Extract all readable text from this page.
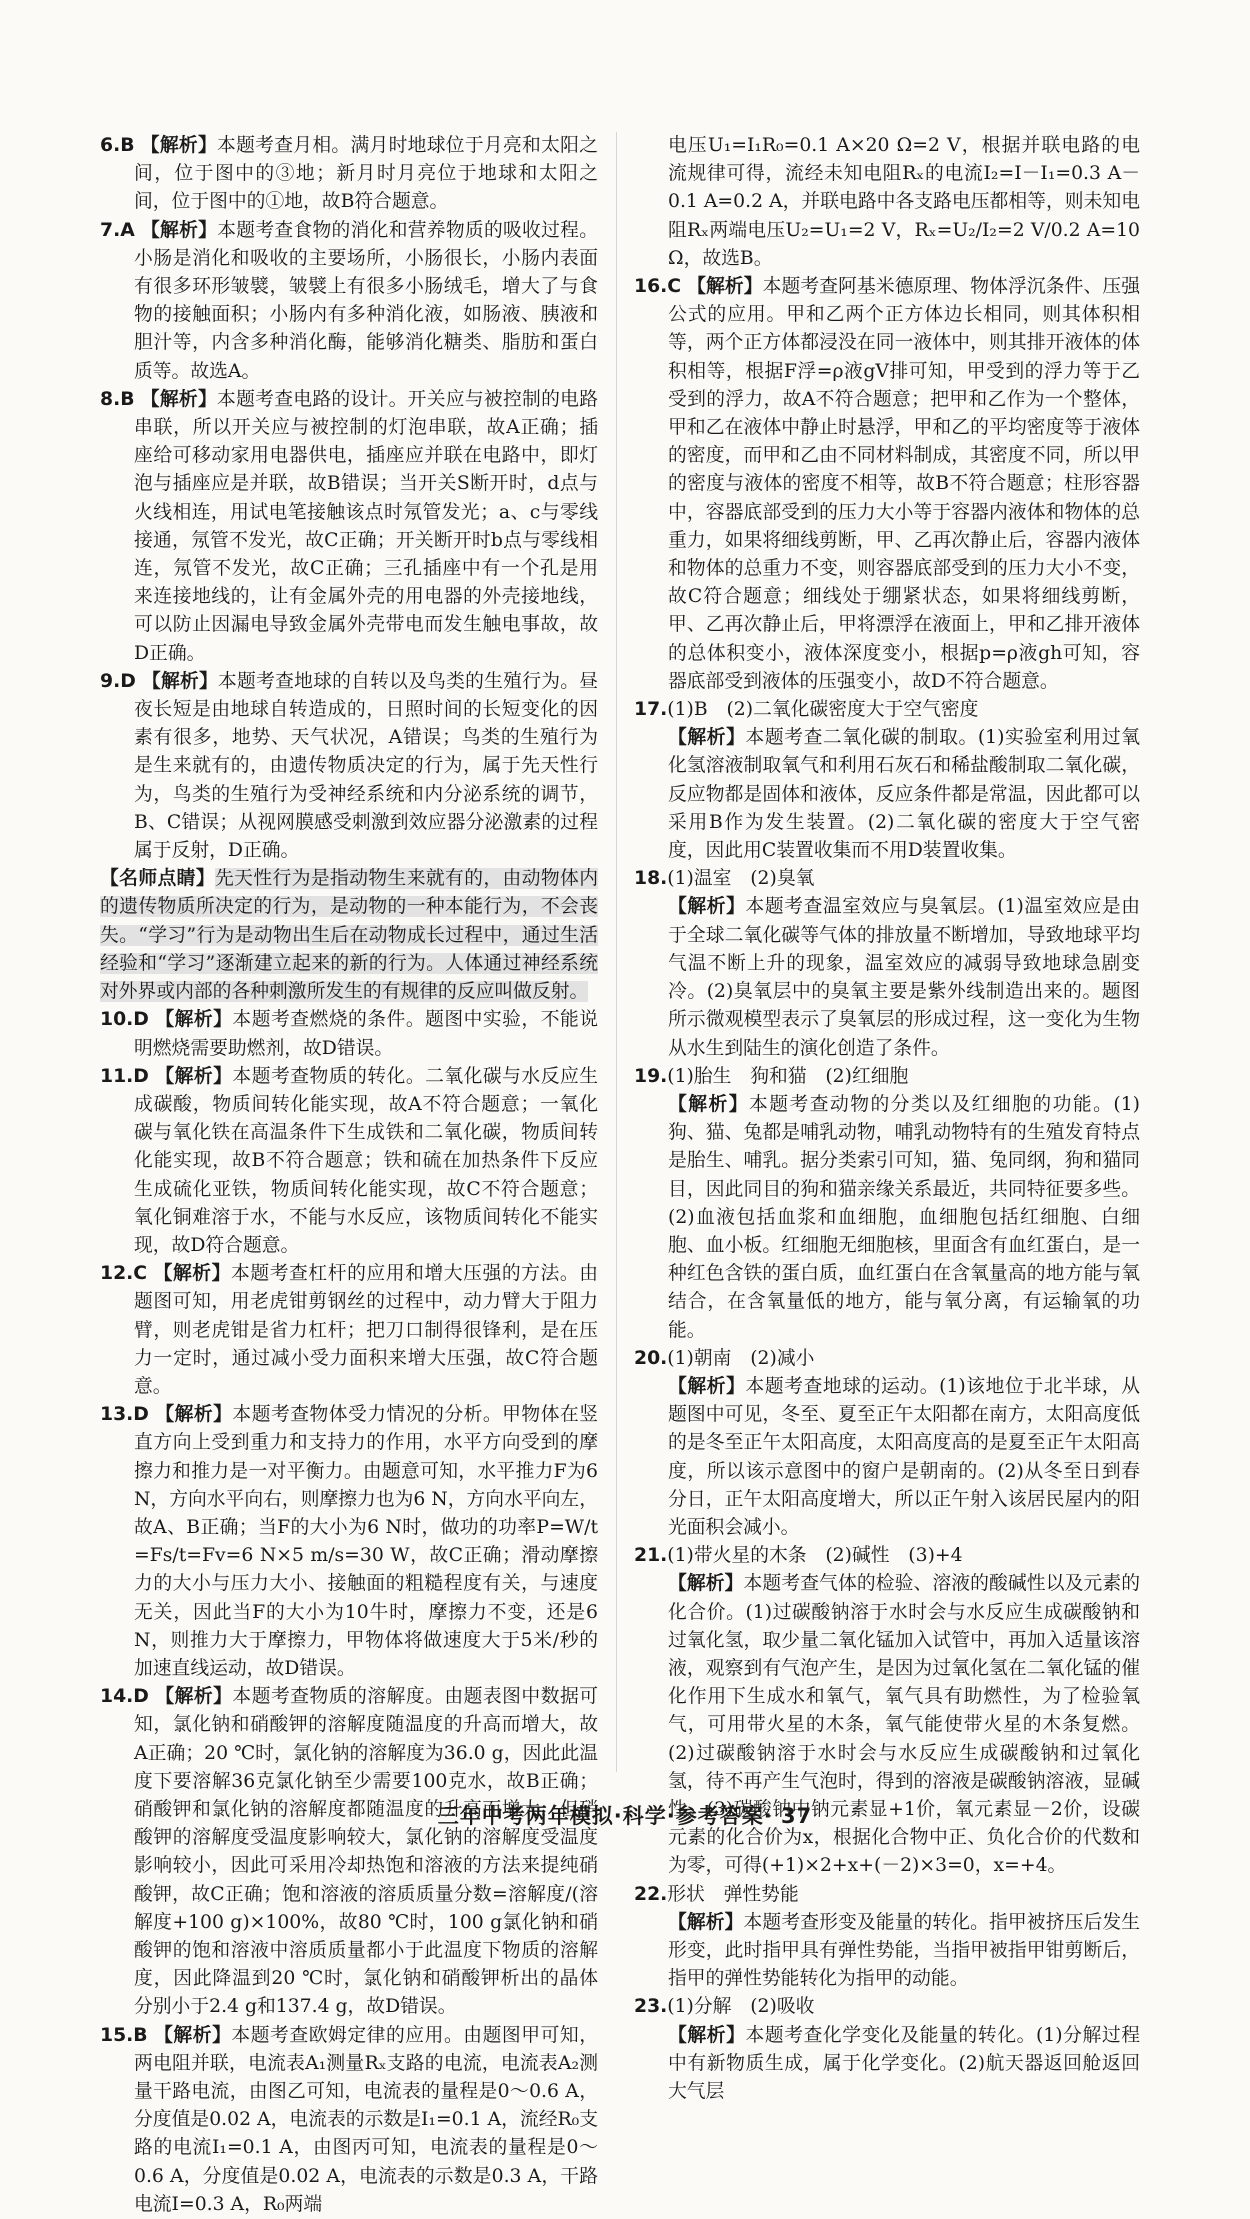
6.B 【解析】本题考查月相。满月时地球位于月亮和太阳之间，位于图中的③地；新月时月亮位于地球和太阳之间，位于图中的①地，故B符合题意。

7.A 【解析】本题考查食物的消化和营养物质的吸收过程。小肠是消化和吸收的主要场所，小肠很长，小肠内表面有很多环形皱襞，皱襞上有很多小肠绒毛，增大了与食物的接触面积；小肠内有多种消化液，如肠液、胰液和胆汁等，内含多种消化酶，能够消化糖类、脂肪和蛋白质等。故选A。

8.B 【解析】本题考查电路的设计。开关应与被控制的电路串联，所以开关应与被控制的灯泡串联，故A正确；插座给可移动家用电器供电，插座应并联在电路中，即灯泡与插座应是并联，故B错误；当开关S断开时，d点与火线相连，用试电笔接触该点时氖管发光；a、c与零线接通，氖管不发光，故C正确；开关断开时b点与零线相连，氖管不发光，故C正确；三孔插座中有一个孔是用来连接地线的，让有金属外壳的用电器的外壳接地线，可以防止因漏电导致金属外壳带电而发生触电事故，故D正确。

9.D 【解析】本题考查地球的自转以及鸟类的生殖行为。昼夜长短是由地球自转造成的，日照时间的长短变化的因素有很多，地势、天气状况，A错误；鸟类的生殖行为是生来就有的，由遗传物质决定的行为，属于先天性行为，鸟类的生殖行为受神经系统和内分泌系统的调节，B、C错误；从视网膜感受刺激到效应器分泌激素的过程属于反射，D正确。

【名师点睛】先天性行为是指动物生来就有的，由动物体内的遗传物质所决定的行为，是动物的一种本能行为，不会丧失。“学习”行为是动物出生后在动物成长过程中，通过生活经验和“学习”逐渐建立起来的新的行为。人体通过神经系统对外界或内部的各种刺激所发生的有规律的反应叫做反射。

10.D 【解析】本题考查燃烧的条件。题图中实验，不能说明燃烧需要助燃剂，故D错误。

11.D 【解析】本题考查物质的转化。二氧化碳与水反应生成碳酸，物质间转化能实现，故A不符合题意；一氧化碳与氧化铁在高温条件下生成铁和二氧化碳，物质间转化能实现，故B不符合题意；铁和硫在加热条件下反应生成硫化亚铁，物质间转化能实现，故C不符合题意；氧化铜难溶于水，不能与水反应，该物质间转化不能实现，故D符合题意。

12.C 【解析】本题考查杠杆的应用和增大压强的方法。由题图可知，用老虎钳剪钢丝的过程中，动力臂大于阻力臂，则老虎钳是省力杠杆；把刀口制得很锋利，是在压力一定时，通过减小受力面积来增大压强，故C符合题意。

13.D 【解析】本题考查物体受力情况的分析。甲物体在竖直方向上受到重力和支持力的作用，水平方向受到的摩擦力和推力是一对平衡力。由题意可知，水平推力F为6 N，方向水平向右，则摩擦力也为6 N，方向水平向左，故A、B正确；当F的大小为6 N时，做功的功率P=W/t=Fs/t=Fv=6 N×5 m/s=30 W，故C正确；滑动摩擦力的大小与压力大小、接触面的粗糙程度有关，与速度无关，因此当F的大小为10牛时，摩擦力不变，还是6 N，则推力大于摩擦力，甲物体将做速度大于5米/秒的加速直线运动，故D错误。

14.D 【解析】本题考查物质的溶解度。由题表图中数据可知，氯化钠和硝酸钾的溶解度随温度的升高而增大，故A正确；20 ℃时，氯化钠的溶解度为36.0 g，因此此温度下要溶解36克氯化钠至少需要100克水，故B正确；硝酸钾和氯化钠的溶解度都随温度的升高而增大，但硝酸钾的溶解度受温度影响较大，氯化钠的溶解度受温度影响较小，因此可采用冷却热饱和溶液的方法来提纯硝酸钾，故C正确；饱和溶液的溶质质量分数=溶解度/(溶解度+100 g)×100%，故80 ℃时，100 g氯化钠和硝酸钾的饱和溶液中溶质质量都小于此温度下物质的溶解度，因此降温到20 ℃时，氯化钠和硝酸钾析出的晶体分别小于2.4 g和137.4 g，故D错误。

15.B 【解析】本题考查欧姆定律的应用。由题图甲可知，两电阻并联，电流表A₁测量Rₓ支路的电流，电流表A₂测量干路电流，由图乙可知，电流表的量程是0～0.6 A，分度值是0.02 A，电流表的示数是I₁=0.1 A，流经R₀支路的电流I₁=0.1 A，由图丙可知，电流表的量程是0～0.6 A，分度值是0.02 A，电流表的示数是0.3 A，干路电流I=0.3 A，R₀两端

电压U₁=I₁R₀=0.1 A×20 Ω=2 V，根据并联电路的电流规律可得，流经未知电阻Rₓ的电流I₂=I－I₁=0.3 A－0.1 A=0.2 A，并联电路中各支路电压都相等，则未知电阻Rₓ两端电压U₂=U₁=2 V，Rₓ=U₂/I₂=2 V/0.2 A=10 Ω，故选B。

16.C 【解析】本题考查阿基米德原理、物体浮沉条件、压强公式的应用。甲和乙两个正方体边长相同，则其体积相等，两个正方体都浸没在同一液体中，则其排开液体的体积相等，根据F浮=ρ液gV排可知，甲受到的浮力等于乙受到的浮力，故A不符合题意；把甲和乙作为一个整体，甲和乙在液体中静止时悬浮，甲和乙的平均密度等于液体的密度，而甲和乙由不同材料制成，其密度不同，所以甲的密度与液体的密度不相等，故B不符合题意；柱形容器中，容器底部受到的压力大小等于容器内液体和物体的总重力，如果将细线剪断，甲、乙再次静止后，容器内液体和物体的总重力不变，则容器底部受到的压力大小不变，故C符合题意；细线处于绷紧状态，如果将细线剪断，甲、乙再次静止后，甲将漂浮在液面上，甲和乙排开液体的总体积变小，液体深度变小，根据p=ρ液gh可知，容器底部受到液体的压强变小，故D不符合题意。

17.(1)B　(2)二氧化碳密度大于空气密度

【解析】本题考查二氧化碳的制取。(1)实验室利用过氧化氢溶液制取氧气和利用石灰石和稀盐酸制取二氧化碳，反应物都是固体和液体，反应条件都是常温，因此都可以采用B作为发生装置。(2)二氧化碳的密度大于空气密度，因此用C装置收集而不用D装置收集。

18.(1)温室　(2)臭氧

【解析】本题考查温室效应与臭氧层。(1)温室效应是由于全球二氧化碳等气体的排放量不断增加，导致地球平均气温不断上升的现象，温室效应的减弱导致地球急剧变冷。(2)臭氧层中的臭氧主要是紫外线制造出来的。题图所示微观模型表示了臭氧层的形成过程，这一变化为生物从水生到陆生的演化创造了条件。

19.(1)胎生　狗和猫　(2)红细胞

【解析】本题考查动物的分类以及红细胞的功能。(1)狗、猫、兔都是哺乳动物，哺乳动物特有的生殖发育特点是胎生、哺乳。据分类索引可知，猫、兔同纲，狗和猫同目，因此同目的狗和猫亲缘关系最近，共同特征要多些。(2)血液包括血浆和血细胞，血细胞包括红细胞、白细胞、血小板。红细胞无细胞核，里面含有血红蛋白，是一种红色含铁的蛋白质，血红蛋白在含氧量高的地方能与氧结合，在含氧量低的地方，能与氧分离，有运输氧的功能。

20.(1)朝南　(2)减小

【解析】本题考查地球的运动。(1)该地位于北半球，从题图中可见，冬至、夏至正午太阳都在南方，太阳高度低的是冬至正午太阳高度，太阳高度高的是夏至正午太阳高度，所以该示意图中的窗户是朝南的。(2)从冬至日到春分日，正午太阳高度增大，所以正午射入该居民屋内的阳光面积会减小。

21.(1)带火星的木条　(2)碱性　(3)+4

【解析】本题考查气体的检验、溶液的酸碱性以及元素的化合价。(1)过碳酸钠溶于水时会与水反应生成碳酸钠和过氧化氢，取少量二氧化锰加入试管中，再加入适量该溶液，观察到有气泡产生，是因为过氧化氢在二氧化锰的催化作用下生成水和氧气，氧气具有助燃性，为了检验氧气，可用带火星的木条，氧气能使带火星的木条复燃。(2)过碳酸钠溶于水时会与水反应生成碳酸钠和过氧化氢，待不再产生气泡时，得到的溶液是碳酸钠溶液，显碱性。(3)碳酸钠中钠元素显+1价，氧元素显－2价，设碳元素的化合价为x，根据化合物中正、负化合价的代数和为零，可得(+1)×2+x+(－2)×3=0，x=+4。

22.形状　弹性势能

【解析】本题考查形变及能量的转化。指甲被挤压后发生形变，此时指甲具有弹性势能，当指甲被指甲钳剪断后，指甲的弹性势能转化为指甲的动能。

23.(1)分解　(2)吸收

【解析】本题考查化学变化及能量的转化。(1)分解过程中有新物质生成，属于化学变化。(2)航天器返回舱返回大气层

三年中考两年模拟·科学·参考答案· 37
